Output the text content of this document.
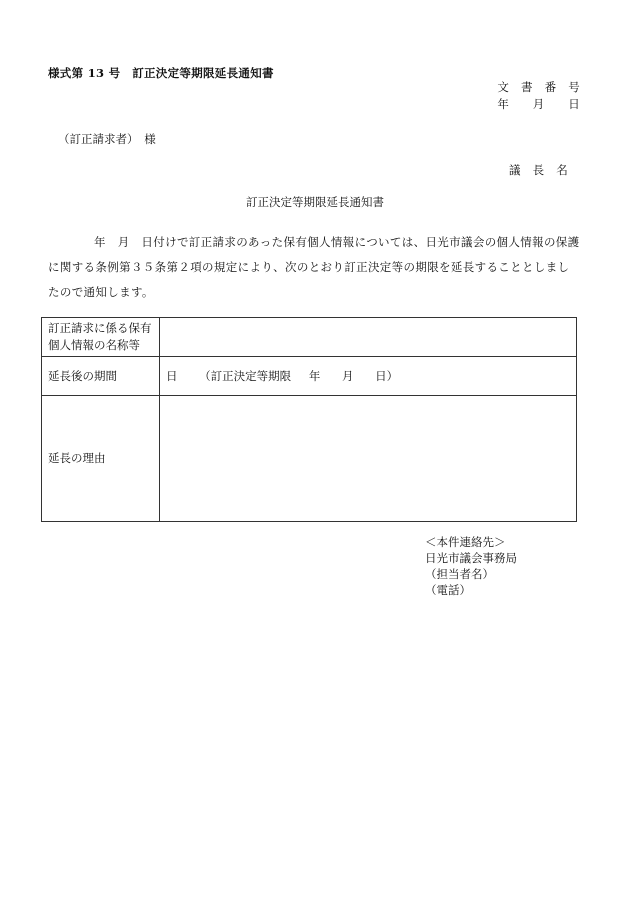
様式第 13 号　訂正決定等期限延長通知書
文　書　番　号
年　　月　　日
（訂正請求者）　様
議　長　名
訂正決定等期限延長通知書
年　月　日付けで訂正請求のあった保有個人情報については、日光市議会の個人情報の保護に関する条例第３５条第２項の規定により、次のとおり訂正決定等の期限を延長することとしましたので通知します。
訂正請求に係る保有
個人情報の名称等	

延長後の期間	日 （訂正決定等期限 年 月 日）
延長の理由	
＜本件連絡先＞
日光市議会事務局
（担当者名）
（電話）
